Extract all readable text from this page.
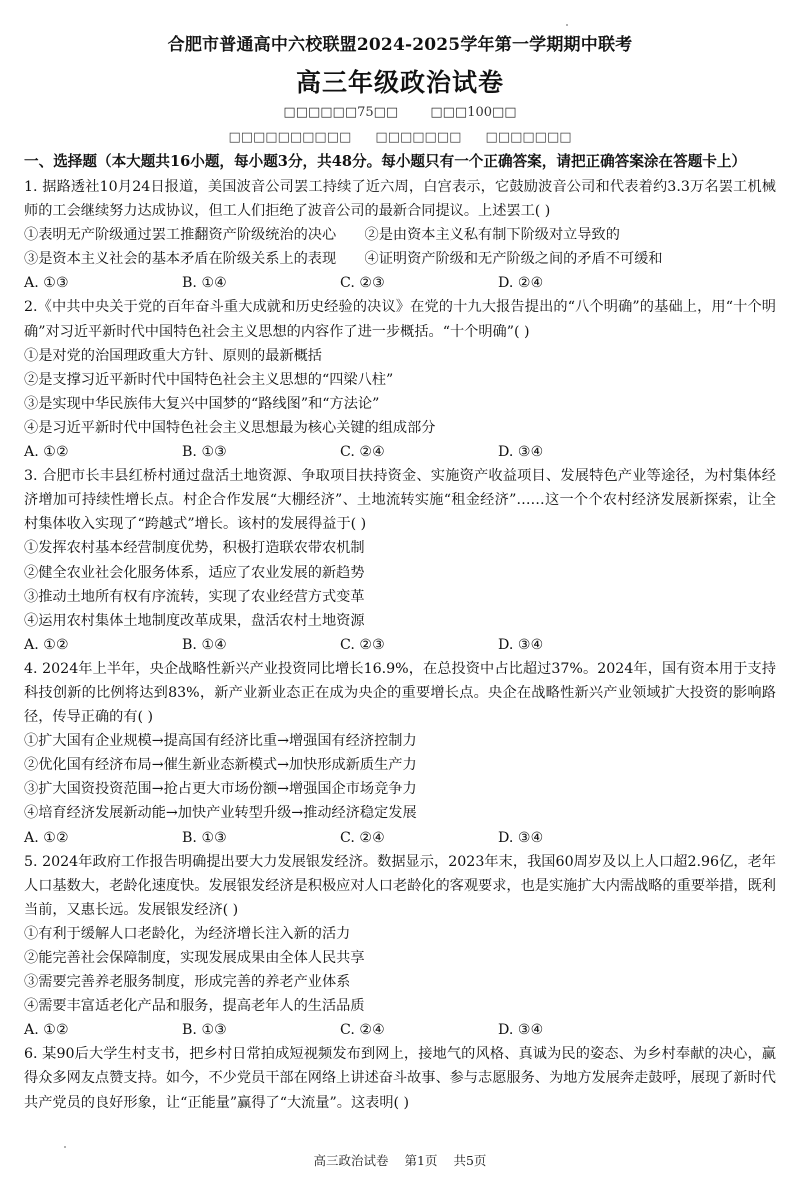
合肥市普通高中六校联盟2024-2025学年第一学期期中联考
高三年级政治试卷
□□□□□□75□□ □□□100□□
□□□□□□□□□□ □□□□□□□ □□□□□□□
一、选择题（本大题共16小题，每小题3分，共48分。每小题只有一个正确答案，请把正确答案涂在答题卡上）

1. 据路透社10月24日报道，美国波音公司罢工持续了近六周，白宫表示，它鼓励波音公司和代表着约3.3万名罢工机械师的工会继续努力达成协议，但工人们拒绝了波音公司的最新合同提议。上述罢工( )

①表明无产阶级通过罢工推翻资产阶级统治的决心　　②是由资本主义私有制下阶级对立导致的

③是资本主义社会的基本矛盾在阶级关系上的表现　　④证明资产阶级和无产阶级之间的矛盾不可缓和

A. ①③	B. ①④	C. ②③	D. ②④

2.《中共中央关于党的百年奋斗重大成就和历史经验的决议》在党的十九大报告提出的“八个明确”的基础上，用“十个明确”对习近平新时代中国特色社会主义思想的内容作了进一步概括。“十个明确”( )

①是对党的治国理政重大方针、原则的最新概括

②是支撑习近平新时代中国特色社会主义思想的“四梁八柱”

③是实现中华民族伟大复兴中国梦的“路线图”和“方法论”

④是习近平新时代中国特色社会主义思想最为核心关键的组成部分

A. ①②	B. ①③	C. ②④	D. ③④

3. 合肥市长丰县红桥村通过盘活土地资源、争取项目扶持资金、实施资产收益项目、发展特色产业等途径，为村集体经济增加可持续性增长点。村企合作发展“大棚经济”、土地流转实施“租金经济”……这一个个农村经济发展新探索，让全村集体收入实现了“跨越式”增长。该村的发展得益于( )

①发挥农村基本经营制度优势，积极打造联农带农机制

②健全农业社会化服务体系，适应了农业发展的新趋势

③推动土地所有权有序流转，实现了农业经营方式变革

④运用农村集体土地制度改革成果，盘活农村土地资源

A. ①②	B. ①④	C. ②③	D. ③④

4. 2024年上半年，央企战略性新兴产业投资同比增长16.9%，在总投资中占比超过37%。2024年，国有资本用于支持科技创新的比例将达到83%，新产业新业态正在成为央企的重要增长点。央企在战略性新兴产业领域扩大投资的影响路径，传导正确的有( )

①扩大国有企业规模→提高国有经济比重→增强国有经济控制力

②优化国有经济布局→催生新业态新模式→加快形成新质生产力

③扩大国资投资范围→抢占更大市场份额→增强国企市场竞争力

④培育经济发展新动能→加快产业转型升级→推动经济稳定发展

A. ①②	B. ①③	C. ②④	D. ③④

5. 2024年政府工作报告明确提出要大力发展银发经济。数据显示，2023年末，我国60周岁及以上人口超2.96亿，老年人口基数大，老龄化速度快。发展银发经济是积极应对人口老龄化的客观要求，也是实施扩大内需战略的重要举措，既利当前，又惠长远。发展银发经济( )

①有利于缓解人口老龄化，为经济增长注入新的活力

②能完善社会保障制度，实现发展成果由全体人民共享

③需要完善养老服务制度，形成完善的养老产业体系

④需要丰富适老化产品和服务，提高老年人的生活品质

A. ①②	B. ①③	C. ②④	D. ③④

6. 某90后大学生村支书，把乡村日常拍成短视频发布到网上，接地气的风格、真诚为民的姿态、为乡村奉献的决心，赢得众多网友点赞支持。如今，不少党员干部在网络上讲述奋斗故事、参与志愿服务、为地方发展奔走鼓呼，展现了新时代共产党员的良好形象，让“正能量”赢得了“大流量”。这表明( )

高三政治试卷 第1页 共5页
